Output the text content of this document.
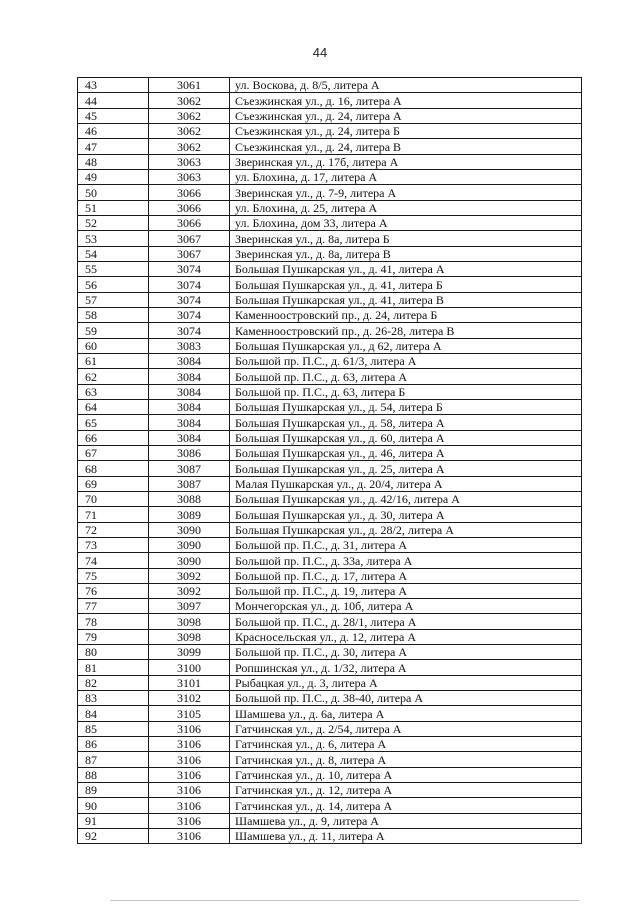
44
43	3061	ул. Воскова, д. 8/5, литера А
44	3062	Съезжинская ул., д. 16, литера А
45	3062	Съезжинская ул., д. 24, литера А
46	3062	Съезжинская ул., д. 24, литера Б
47	3062	Съезжинская ул., д. 24, литера В
48	3063	Зверинская ул., д. 17б, литера А
49	3063	ул. Блохина, д. 17, литера А
50	3066	Зверинская ул., д. 7-9, литера А
51	3066	ул. Блохина, д. 25, литера А
52	3066	ул. Блохина, дом 33, литера А
53	3067	Зверинская ул., д. 8а, литера Б
54	3067	Зверинская ул., д. 8а, литера В
55	3074	Большая Пушкарская ул., д. 41, литера А
56	3074	Большая Пушкарская ул., д. 41, литера Б
57	3074	Большая Пушкарская ул., д. 41, литера В
58	3074	Каменноостровский пр., д. 24, литера Б
59	3074	Каменноостровский пр., д. 26-28, литера В
60	3083	Большая Пушкарская ул., д 62, литера А
61	3084	Большой пр. П.С., д. 61/3, литера А
62	3084	Большой пр. П.С., д. 63, литера А
63	3084	Большой пр. П.С., д. 63, литера Б
64	3084	Большая Пушкарская ул., д. 54, литера Б
65	3084	Большая Пушкарская ул., д. 58, литера А
66	3084	Большая Пушкарская ул., д. 60, литера А
67	3086	Большая Пушкарская ул., д. 46, литера А
68	3087	Большая Пушкарская ул., д. 25, литера А
69	3087	Малая Пушкарская ул., д. 20/4, литера А
70	3088	Большая Пушкарская ул., д. 42/16, литера А
71	3089	Большая Пушкарская ул., д. 30, литера А
72	3090	Большая Пушкарская ул., д. 28/2, литера А
73	3090	Большой пр. П.С., д. 31, литера А
74	3090	Большой пр. П.С., д. 33а, литера А
75	3092	Большой пр. П.С., д. 17, литера А
76	3092	Большой пр. П.С., д. 19, литера А
77	3097	Мончегорская ул., д. 10б, литера А
78	3098	Большой пр. П.С., д. 28/1, литера А
79	3098	Красносельская ул., д. 12, литера А
80	3099	Большой пр. П.С., д. 30, литера А
81	3100	Ропшинская ул., д. 1/32, литера А
82	3101	Рыбацкая ул., д. 3, литера А
83	3102	Большой пр. П.С., д. 38-40, литера А
84	3105	Шамшева ул., д. 6а, литера А
85	3106	Гатчинская ул., д. 2/54, литера А
86	3106	Гатчинская ул., д. 6, литера А
87	3106	Гатчинская ул., д. 8, литера А
88	3106	Гатчинская ул., д. 10, литера А
89	3106	Гатчинская ул., д. 12, литера А
90	3106	Гатчинская ул., д. 14, литера А
91	3106	Шамшева ул., д. 9, литера А
92	3106	Шамшева ул., д. 11, литера А
